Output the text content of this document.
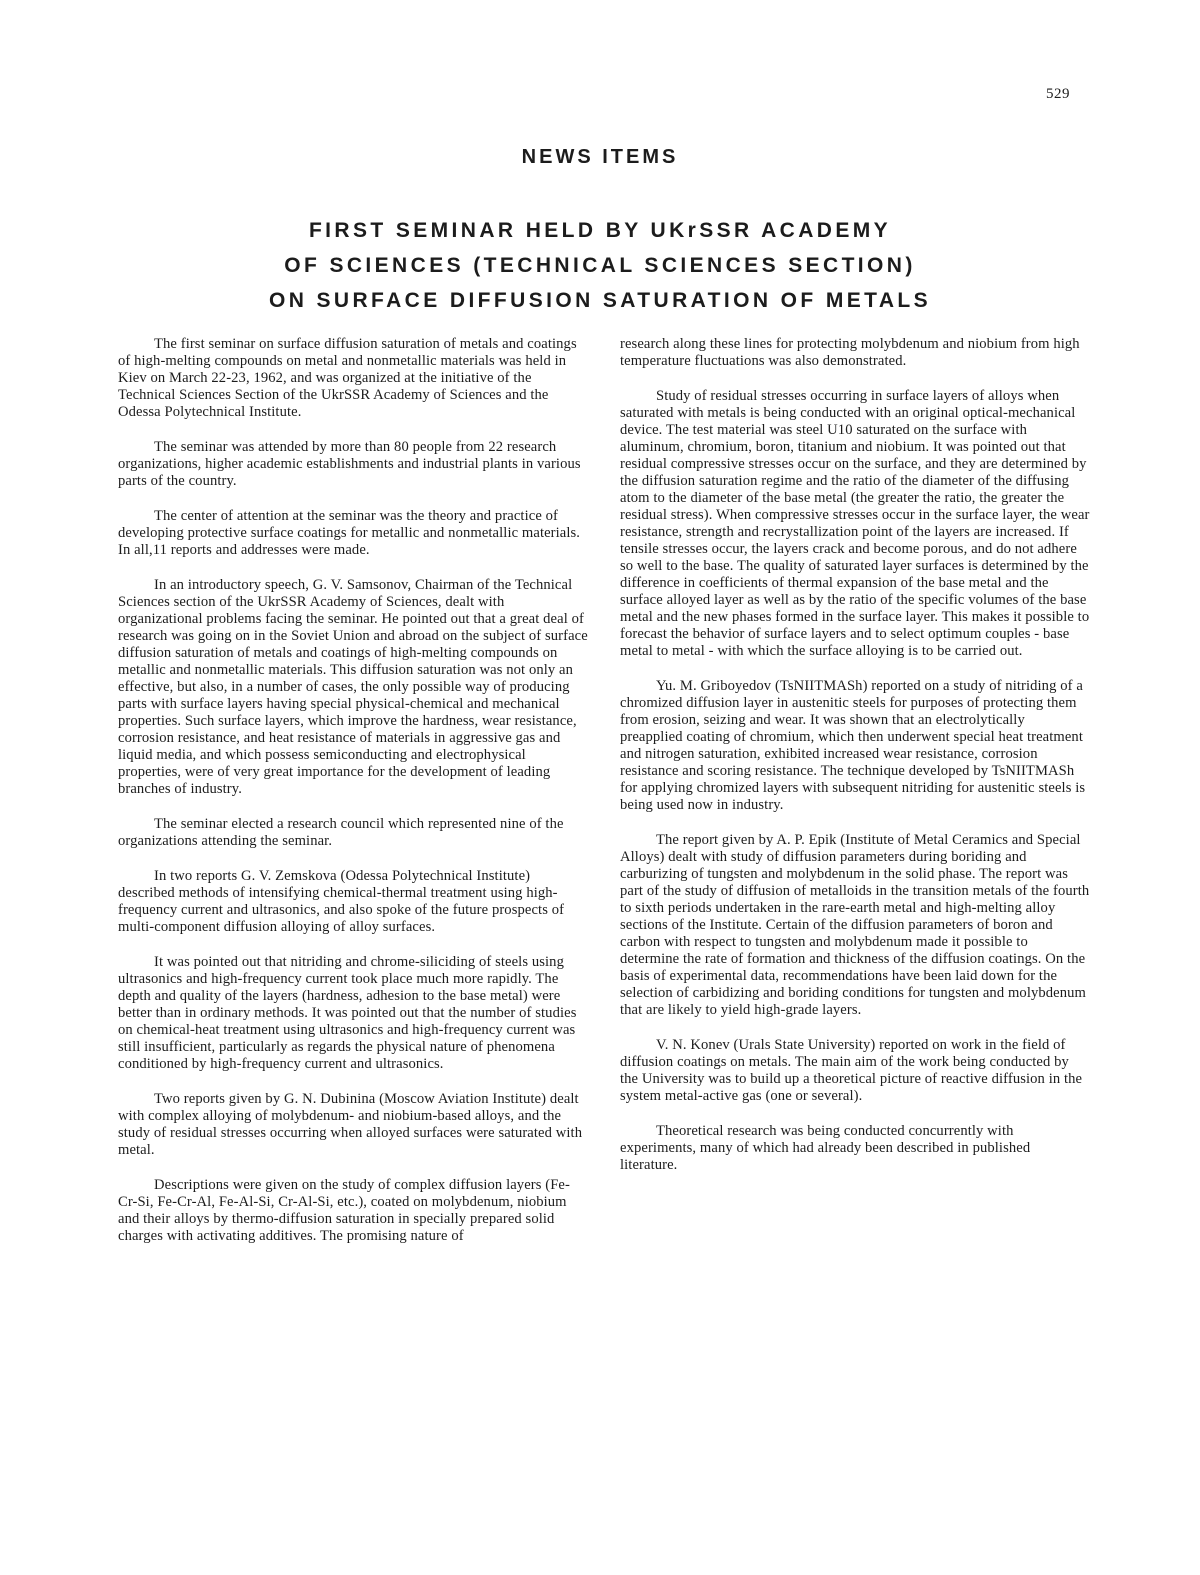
529
NEWS ITEMS
FIRST SEMINAR HELD BY UKrSSR ACADEMY
OF SCIENCES (TECHNICAL SCIENCES SECTION)
ON SURFACE DIFFUSION SATURATION OF METALS

The first seminar on surface diffusion saturation of metals and coatings of high-melting compounds on metal and nonmetallic materials was held in Kiev on March 22-23, 1962, and was organized at the initiative of the Technical Sciences Section of the UkrSSR Academy of Sciences and the Odessa Polytechnical Institute.

The seminar was attended by more than 80 people from 22 research organizations, higher academic establishments and industrial plants in various parts of the country.

The center of attention at the seminar was the theory and practice of developing protective surface coatings for metallic and nonmetallic materials. In all,11 reports and addresses were made.

In an introductory speech, G. V. Samsonov, Chairman of the Technical Sciences section of the UkrSSR Academy of Sciences, dealt with organizational problems facing the seminar. He pointed out that a great deal of research was going on in the Soviet Union and abroad on the subject of surface diffusion saturation of metals and coatings of high-melting compounds on metallic and nonmetallic materials. This diffusion saturation was not only an effective, but also, in a number of cases, the only possible way of producing parts with surface layers having special physical-chemical and mechanical properties. Such surface layers, which improve the hardness, wear resistance, corrosion resistance, and heat resistance of materials in aggressive gas and liquid media, and which possess semiconducting and electrophysical properties, were of very great importance for the development of leading branches of industry.

The seminar elected a research council which represented nine of the organizations attending the seminar.

In two reports G. V. Zemskova (Odessa Polytechnical Institute) described methods of intensifying chemical-thermal treatment using high-frequency current and ultrasonics, and also spoke of the future prospects of multi-component diffusion alloying of alloy surfaces.

It was pointed out that nitriding and chrome-siliciding of steels using ultrasonics and high-frequency current took place much more rapidly. The depth and quality of the layers (hardness, adhesion to the base metal) were better than in ordinary methods. It was pointed out that the number of studies on chemical-heat treatment using ultrasonics and high-frequency current was still insufficient, particularly as regards the physical nature of phenomena conditioned by high-frequency current and ultrasonics.

Two reports given by G. N. Dubinina (Moscow Aviation Institute) dealt with complex alloying of molybdenum- and niobium-based alloys, and the study of residual stresses occurring when alloyed surfaces were saturated with metal.

Descriptions were given on the study of complex diffusion layers (Fe-Cr-Si, Fe-Cr-Al, Fe-Al-Si, Cr-Al-Si, etc.), coated on molybdenum, niobium and their alloys by thermo-diffusion saturation in specially prepared solid charges with activating additives. The promising nature of

research along these lines for protecting molybdenum and niobium from high temperature fluctuations was also demonstrated.

Study of residual stresses occurring in surface layers of alloys when saturated with metals is being conducted with an original optical-mechanical device. The test material was steel U10 saturated on the surface with aluminum, chromium, boron, titanium and niobium. It was pointed out that residual compressive stresses occur on the surface, and they are determined by the diffusion saturation regime and the ratio of the diameter of the diffusing atom to the diameter of the base metal (the greater the ratio, the greater the residual stress). When compressive stresses occur in the surface layer, the wear resistance, strength and recrystallization point of the layers are increased. If tensile stresses occur, the layers crack and become porous, and do not adhere so well to the base. The quality of saturated layer surfaces is determined by the difference in coefficients of thermal expansion of the base metal and the surface alloyed layer as well as by the ratio of the specific volumes of the base metal and the new phases formed in the surface layer. This makes it possible to forecast the behavior of surface layers and to select optimum couples - base metal to metal - with which the surface alloying is to be carried out.

Yu. M. Griboyedov (TsNIITMASh) reported on a study of nitriding of a chromized diffusion layer in austenitic steels for purposes of protecting them from erosion, seizing and wear. It was shown that an electrolytically preapplied coating of chromium, which then underwent special heat treatment and nitrogen saturation, exhibited increased wear resistance, corrosion resistance and scoring resistance. The technique developed by TsNIITMASh for applying chromized layers with subsequent nitriding for austenitic steels is being used now in industry.

The report given by A. P. Epik (Institute of Metal Ceramics and Special Alloys) dealt with study of diffusion parameters during boriding and carburizing of tungsten and molybdenum in the solid phase. The report was part of the study of diffusion of metalloids in the transition metals of the fourth to sixth periods undertaken in the rare-earth metal and high-melting alloy sections of the Institute. Certain of the diffusion parameters of boron and carbon with respect to tungsten and molybdenum made it possible to determine the rate of formation and thickness of the diffusion coatings. On the basis of experimental data, recommendations have been laid down for the selection of carbidizing and boriding conditions for tungsten and molybdenum that are likely to yield high-grade layers.

V. N. Konev (Urals State University) reported on work in the field of diffusion coatings on metals. The main aim of the work being conducted by the University was to build up a theoretical picture of reactive diffusion in the system metal-active gas (one or several).

Theoretical research was being conducted concurrently with experiments, many of which had already been described in published literature.
